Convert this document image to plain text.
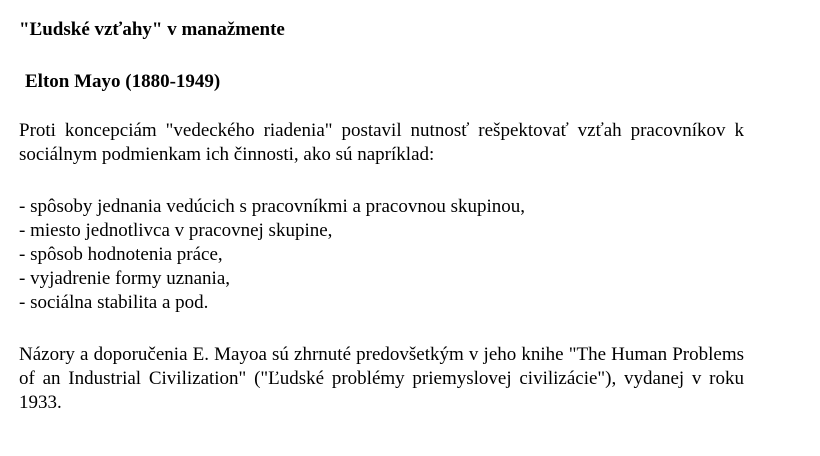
"Ľudské vzťahy" v manažmente
Elton Mayo (1880-1949)

Proti koncepciám "vedeckého riadenia" postavil nutnosť rešpektovať vzťah pracovníkov k sociálnym podmienkam ich činnosti, ako sú napríklad:

- spôsoby jednania vedúcich s pracovníkmi a pracovnou skupinou,
- miesto jednotlivca v pracovnej skupine,
- spôsob hodnotenia práce,
- vyjadrenie formy uznania,
- sociálna stabilita a pod.

Názory a doporučenia E. Mayoa sú zhrnuté predovšetkým v jeho knihe "The Human Problems of an Industrial Civilization" ("Ľudské problémy priemyslovej civilizácie"), vydanej v roku 1933.
